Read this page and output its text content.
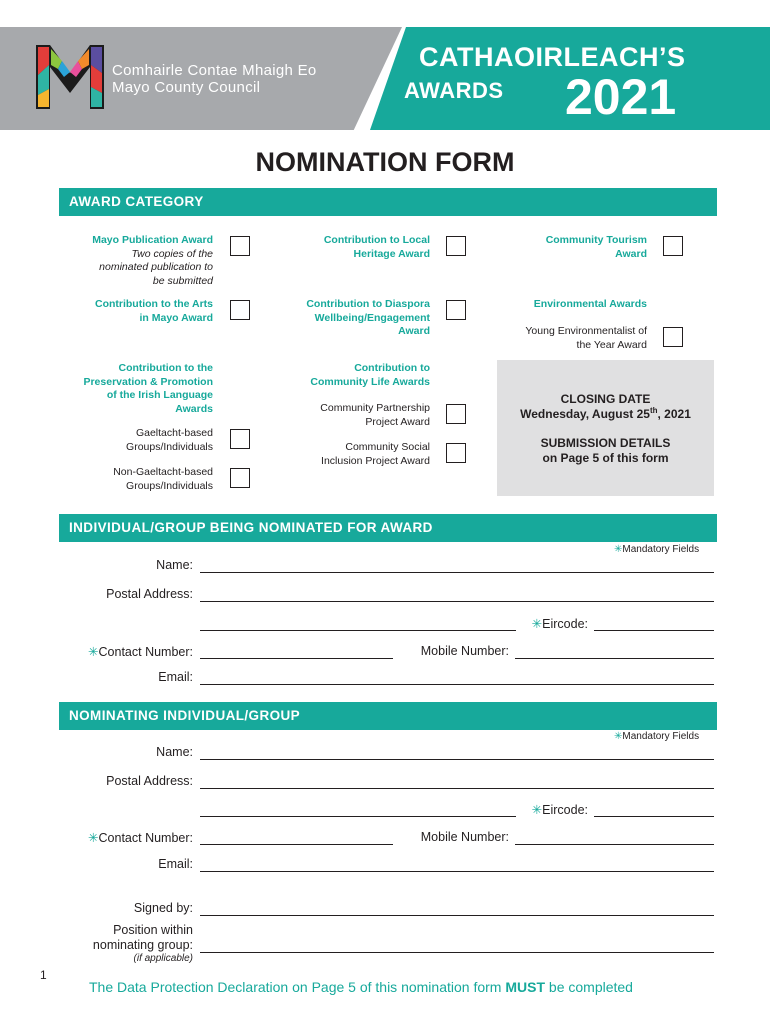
Comhairle Contae Mhaigh Eo
Mayo County Council
CATHAOIRLEACH’S
AWARDS 2021
NOMINATION FORM
AWARD CATEGORY
Mayo Publication Award
Two copies of the
nominated publication to
be submitted
Contribution to the Arts
in Mayo Award
Contribution to the
Preservation & Promotion
of the Irish Language
Awards
Gaeltacht-based
Groups/Individuals
Non-Gaeltacht-based
Groups/Individuals
Contribution to Local
Heritage Award
Contribution to Diaspora
Wellbeing/Engagement
Award
Contribution to
Community Life Awards
Community Partnership
Project Award
Community Social
Inclusion Project Award
Community Tourism
Award
Environmental Awards
Young Environmentalist of
the Year Award
CLOSING DATE
Wednesday, August 25th, 2021
SUBMISSION DETAILS
on Page 5 of this form
INDIVIDUAL/GROUP BEING NOMINATED FOR AWARD
✳Mandatory Fields
Name:
Postal Address:
✳Eircode:
✳Contact Number:	Mobile Number:
Email:
NOMINATING INDIVIDUAL/GROUP
✳Mandatory Fields
Name:
Postal Address:
✳Eircode:
✳Contact Number:	Mobile Number:
Email:
Signed by:
Position within
nominating group:
(if applicable)
1
The Data Protection Declaration on Page 5 of this nomination form MUST be completed
